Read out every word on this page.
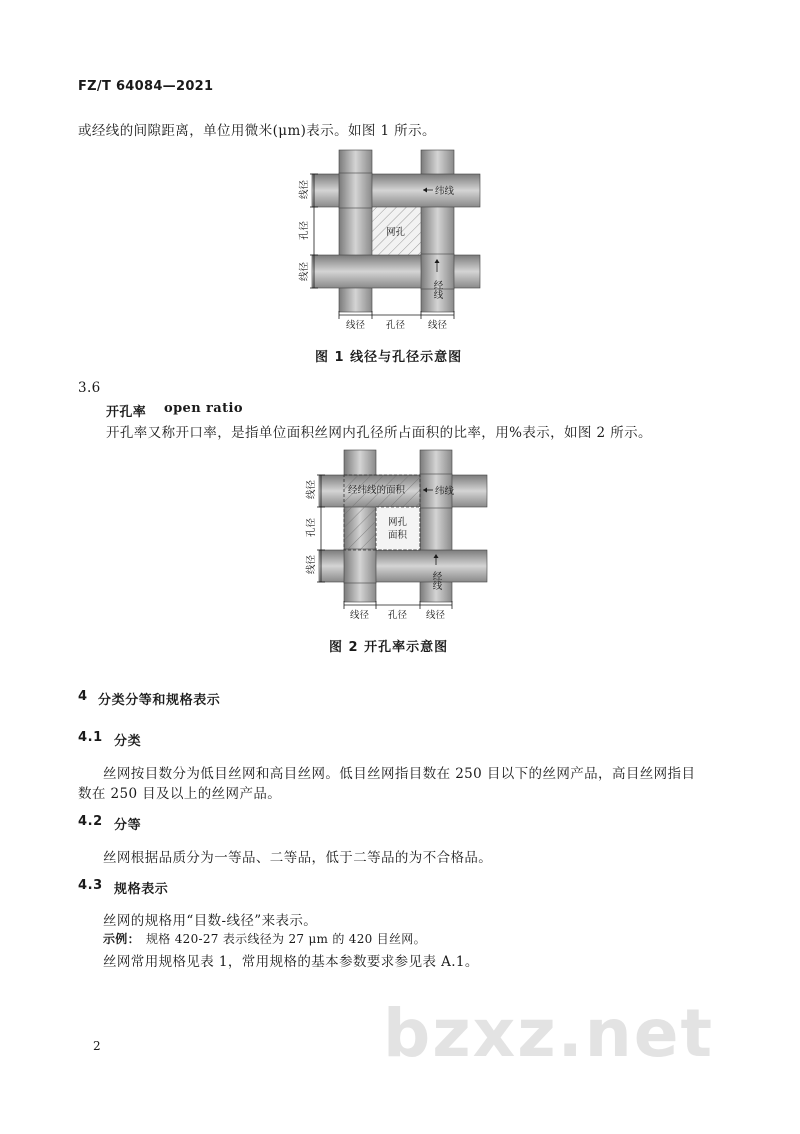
FZ/T 64084—2021
或经线的间隙距离，单位用微米(μm)表示。如图 1 所示。
线径
孔径
线径
线径 孔径 线径
纬线
网孔
经线
图 1 线径与孔径示意图
3.6
开孔率 open ratio
开孔率又称开口率，是指单位面积丝网内孔径所占面积的比率，用%表示，如图 2 所示。
线径
孔径
线径
线径 孔径 线径
纬线
经纬线的面积
网孔
面积
经线
图 2 开孔率示意图
4 分类分等和规格表示
4.1 分类
丝网按目数分为低目丝网和高目丝网。低目丝网指目数在 250 目以下的丝网产品，高目丝网指目
数在 250 目及以上的丝网产品。
4.2 分等
丝网根据品质分为一等品、二等品，低于二等品的为不合格品。
4.3 规格表示
丝网的规格用“目数-线径”来表示。
示例： 规格 420-27 表示线径为 27 μm 的 420 目丝网。
丝网常用规格见表 1，常用规格的基本参数要求参见表 A.1。
bzxz.net
2
